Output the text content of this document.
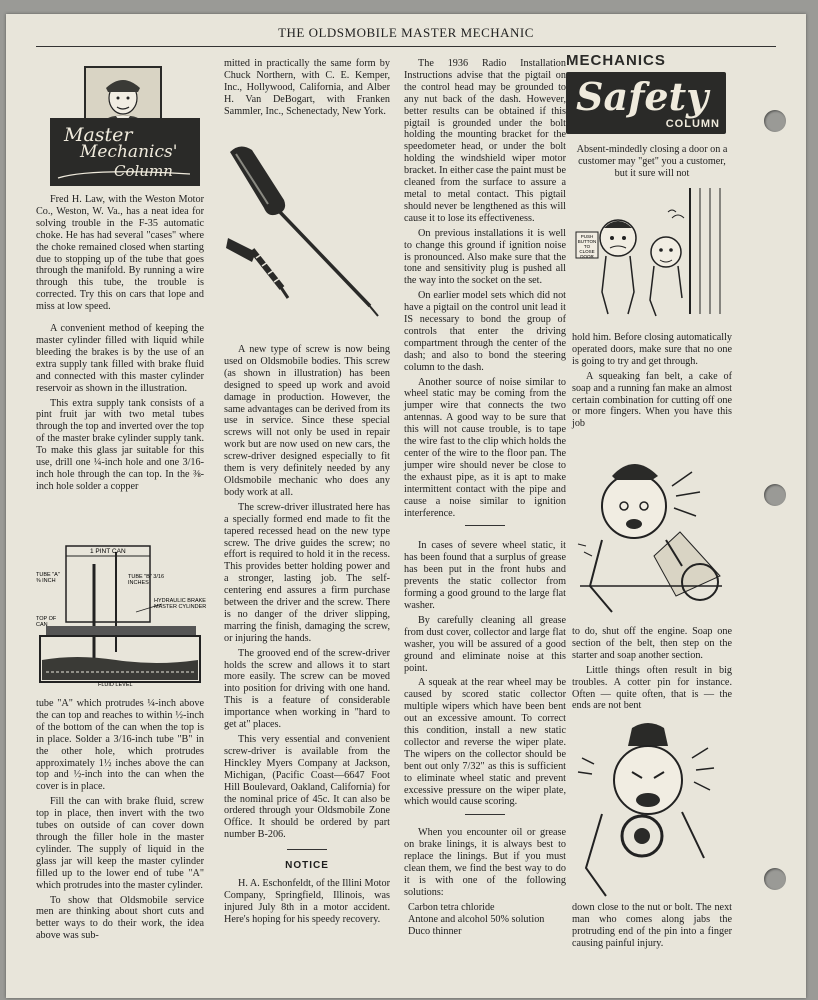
THE OLDSMOBILE MASTER MECHANIC
Master
Mechanics'
Column

Fred H. Law, with the Weston Motor Co., Weston, W. Va., has a neat idea for solving trouble in the F-35 automatic choke. He has had several "cases" where the choke remained closed when starting due to stopping up of the tube that goes through the manifold. By running a wire through this tube, the trouble is corrected. Try this on cars that lope and miss at low speed.

A convenient method of keeping the master cylinder filled with liquid while bleeding the brakes is by the use of an extra supply tank filled with brake fluid and connected with this master cylinder reservoir as shown in the illustration.

This extra supply tank consists of a pint fruit jar with two metal tubes through the top and inverted over the top of the master brake cylinder supply tank. To make this glass jar suitable for this use, drill one ¼-inch hole and one 3/16-inch hole through the can top. In the ⅜-inch hole solder a copper

1 PINT CAN
TUBE "A" ⅜ INCH
TUBE "B" 3/16 INCHES
TOP OF CAN
HYDRAULIC BRAKE MASTER CYLINDER
FLUID LEVEL

tube "A" which protrudes ¼-inch above the can top and reaches to within ½-inch of the bottom of the can when the top is in place. Solder a 3/16-inch tube "B" in the other hole, which protrudes approximately 1½ inches above the can top and ½-inch into the can when the cover is in place.

Fill the can with brake fluid, screw top in place, then invert with the two tubes on outside of can cover down through the filler hole in the master cylinder. The supply of liquid in the glass jar will keep the master cylinder filled up to the lower end of tube "A" which protrudes into the master cylinder.

To show that Oldsmobile service men are thinking about short cuts and better ways to do their work, the idea above was sub-

mitted in practically the same form by Chuck Northern, with C. E. Kemper, Inc., Hollywood, California, and Alber H. Van DeBogart, with Franken Sammler, Inc., Schenectady, New York.

A new type of screw is now being used on Oldsmobile bodies. This screw (as shown in illustration) has been designed to speed up work and avoid damage in production. However, the same advantages can be derived from its use in service. Since these special screws will not only be used in repair work but are now used on new cars, the screw-driver designed especially to fit them is very definitely needed by any Oldsmobile mechanic who does any body work at all.

The screw-driver illustrated here has a specially formed end made to fit the tapered recessed head on the new type screw. The drive guides the screw; no effort is required to hold it in the recess. This provides better holding power and a stronger, lasting job. The self-centering end assures a firm purchase between the driver and the screw. There is no danger of the driver slipping, marring the finish, damaging the screw, or injuring the hands.

The grooved end of the screw-driver holds the screw and allows it to start more easily. The screw can be moved into position for driving with one hand. This is a feature of considerable importance when working in "hard to get at" places.

This very essential and convenient screw-driver is available from the Hinckley Myers Company at Jackson, Michigan, (Pacific Coast—6647 Foot Hill Boulevard, Oakland, California) for the nominal price of 45c. It can also be ordered through your Oldsmobile Zone Office. It should be ordered by part number B-206.

NOTICE

H. A. Eschonfeldt, of the Illini Motor Company, Springfield, Illinois, was injured July 8th in a motor accident. Here's hoping for his speedy recovery.

The 1936 Radio Installation Instructions advise that the pigtail on the control head may be grounded to any nut back of the dash. However, better results can be obtained if this pigtail is grounded under the bolt holding the mounting bracket for the speedometer head, or under the bolt holding the windshield wiper motor bracket. In either case the paint must be cleaned from the surface to assure a metal to metal contact. This pigtail should never be lengthened as this will cause it to lose its effectiveness.

On previous installations it is well to change this ground if ignition noise is pronounced. Also make sure that the tone and sensitivity plug is pushed all the way into the socket on the set.

On earlier model sets which did not have a pigtail on the control unit lead it IS necessary to bond the group of controls that enter the driving compartment through the center of the dash; and also to bond the steering column to the dash.

Another source of noise similar to wheel static may be coming from the jumper wire that connects the two antennas. A good way to be sure that this will not cause trouble, is to tape the wire fast to the clip which holds the center of the wire to the floor pan. The jumper wire should never be close to the exhaust pipe, as it is apt to make intermittent contact with the pipe and cause a noise similar to ignition interference.

In cases of severe wheel static, it has been found that a surplus of grease has been put in the front hubs and prevents the static collector from forming a good ground to the large flat washer.

By carefully cleaning all grease from dust cover, collector and large flat washer, you will be assured of a good ground and eliminate noise at this point.

A squeak at the rear wheel may be caused by scored static collector multiple wipers which have been bent out an excessive amount. To correct this condition, install a new static collector and reverse the wiper plate. The wipers on the collector should be bent out only 7/32" as this is sufficient to eliminate wheel static and prevent excessive pressure on the wiper plate, which would cause scoring.

When you encounter oil or grease on brake linings, it is always best to replace the linings. But if you must clean them, we find the best way to do it is with one of the following solutions:

Carbon tetra chloride
Antone and alcohol 50% solution
Duco thinner
MECHANICS
Safety
COLUMN

Absent-mindedly closing a door on a customer may "get" you a customer, but it sure will not

PUSH BUTTON TO CLOSE DOOR

hold him. Before closing automatically operated doors, make sure that no one is going to try and get through.

A squeaking fan belt, a cake of soap and a running fan make an almost certain combination for cutting off one or more fingers. When you have this job

to do, shut off the engine. Soap one section of the belt, then step on the starter and soap another section.

Little things often result in big troubles. A cotter pin for instance. Often — quite often, that is — the ends are not bent

down close to the nut or bolt. The next man who comes along jabs the protruding end of the pin into a finger causing painful injury.
